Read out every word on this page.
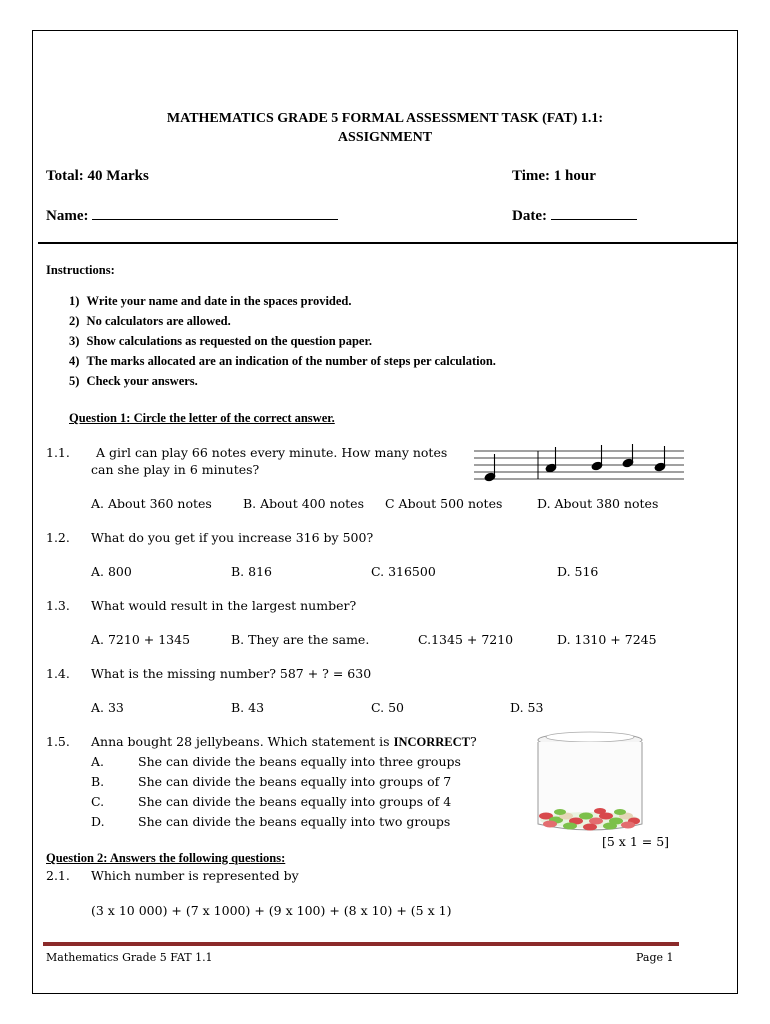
MATHEMATICS GRADE 5 FORMAL ASSESSMENT TASK (FAT) 1.1:
ASSIGNMENT
Total: 40 Marks	Time: 1 hour
Name:	Date:
Instructions:
1) Write your name and date in the spaces provided.
2) No calculators are allowed.
3) Show calculations as requested on the question paper.
4) The marks allocated are an indication of the number of steps per calculation.
5) Check your answers.
Question 1: Circle the letter of the correct answer.
1.1. A girl can play 66 notes every minute. How many notes
can she play in 6 minutes?
A. About 360 notes B. About 400 notes C About 500 notes	D. About 380 notes
1.2. What do you get if you increase 316 by 500?
A. 800	B. 816	C. 316500	D. 516
1.3. What would result in the largest number?
A. 7210 + 1345	B. They are the same.	C.1345 + 7210	D. 1310 + 7245
1.4. What is the missing number? 587 + ? = 630
A. 33	B. 43	C. 50	D. 53
1.5. Anna bought 28 jellybeans. Which statement is INCORRECT?
A.	She can divide the beans equally into three groups
B.	She can divide the beans equally into groups of 7
C.	She can divide the beans equally into groups of 4
D.	She can divide the beans equally into two groups
[5 x 1 = 5]
Question 2: Answers the following questions:
2.1. Which number is represented by
(3 x 10 000) + (7 x 1000) + (9 x 100) + (8 x 10) + (5 x 1)
Mathematics Grade 5 FAT 1.1	Page 1
